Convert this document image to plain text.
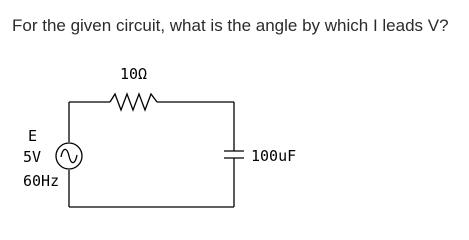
For the given circuit, what is the angle by which I leads V?

10Ω
E
5V
60Hz
100uF
